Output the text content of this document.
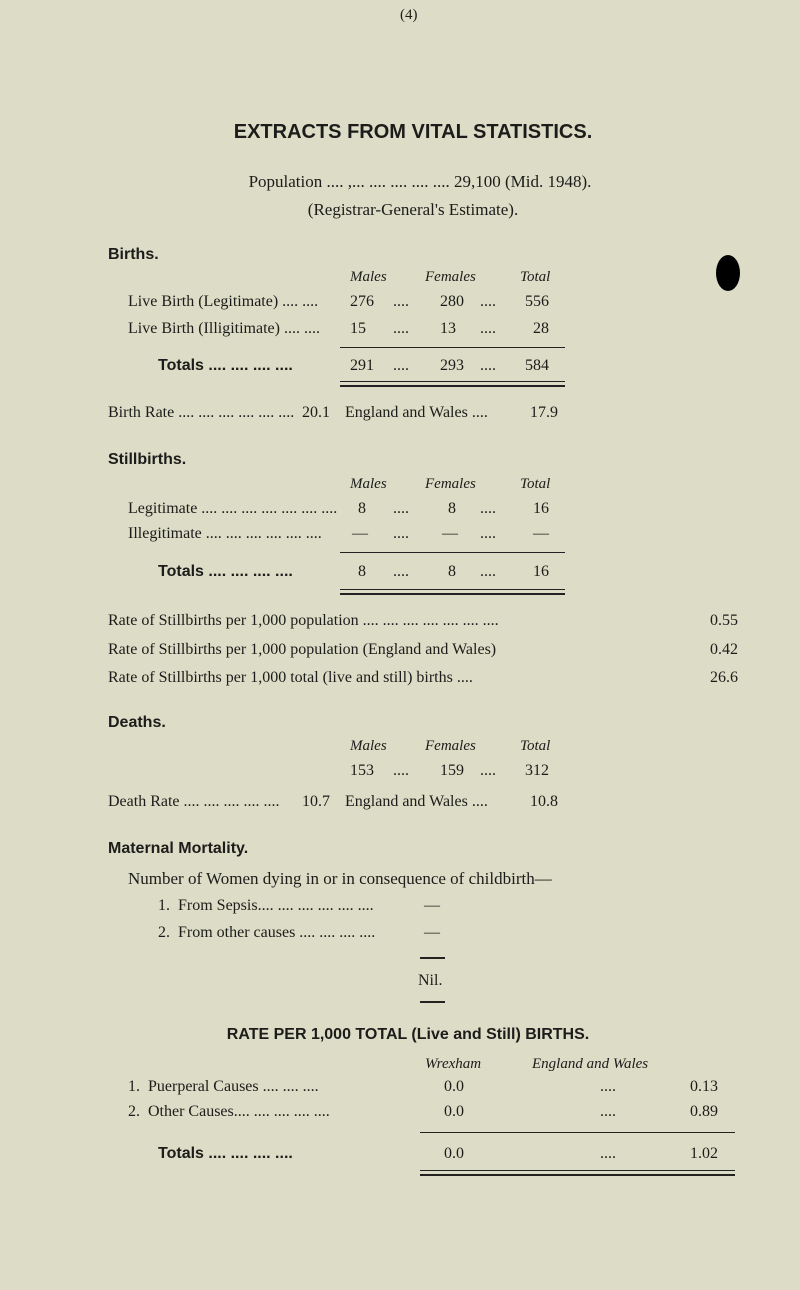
(4)
EXTRACTS FROM VITAL STATISTICS.
Population .... ,... .... .... .... .... 29,100 (Mid. 1948).
(Registrar-General's Estimate).
Births.
Males	Females	Total
Live Birth (Legitimate) .... .... 276 .... 280 .... 556
Live Birth (Illigitimate) .... .... 15 .... 13 .... 28
Totals .... .... .... ....	291 .... 293 .... 584
Birth Rate .... .... .... .... .... .... 20.1 England and Wales ....	17.9
Stillbirths.
Males	Females	Total
Legitimate .... .... .... .... .... .... .... 8 .... 8 .... 16
Illegitimate .... .... .... .... .... .... — .... — .... —
Totals .... .... .... ....	8 .... 8 .... 16
Rate of Stillbirths per 1,000 population .... .... .... .... .... .... ....	0.55
Rate of Stillbirths per 1,000 population (England and Wales)	0.42
Rate of Stillbirths per 1,000 total (live and still) births ....	26.6
Deaths.
Males	Females	Total
153 .... 159 .... 312
Death Rate .... .... .... .... .... 10.7 England and Wales ....	10.8
Maternal Mortality.
Number of Women dying in or in consequence of childbirth—
1.  From Sepsis.... .... .... .... .... ....	—
2.  From other causes .... .... .... ....	—
Nil.
RATE PER 1,000 TOTAL (Live and Still) BIRTHS.
Wrexham	England and Wales
1.  Puerperal Causes .... .... ....	0.0	....	0.13
2.  Other Causes.... .... .... .... ....	0.0	....	0.89
Totals .... .... .... ....	0.0	....	1.02
